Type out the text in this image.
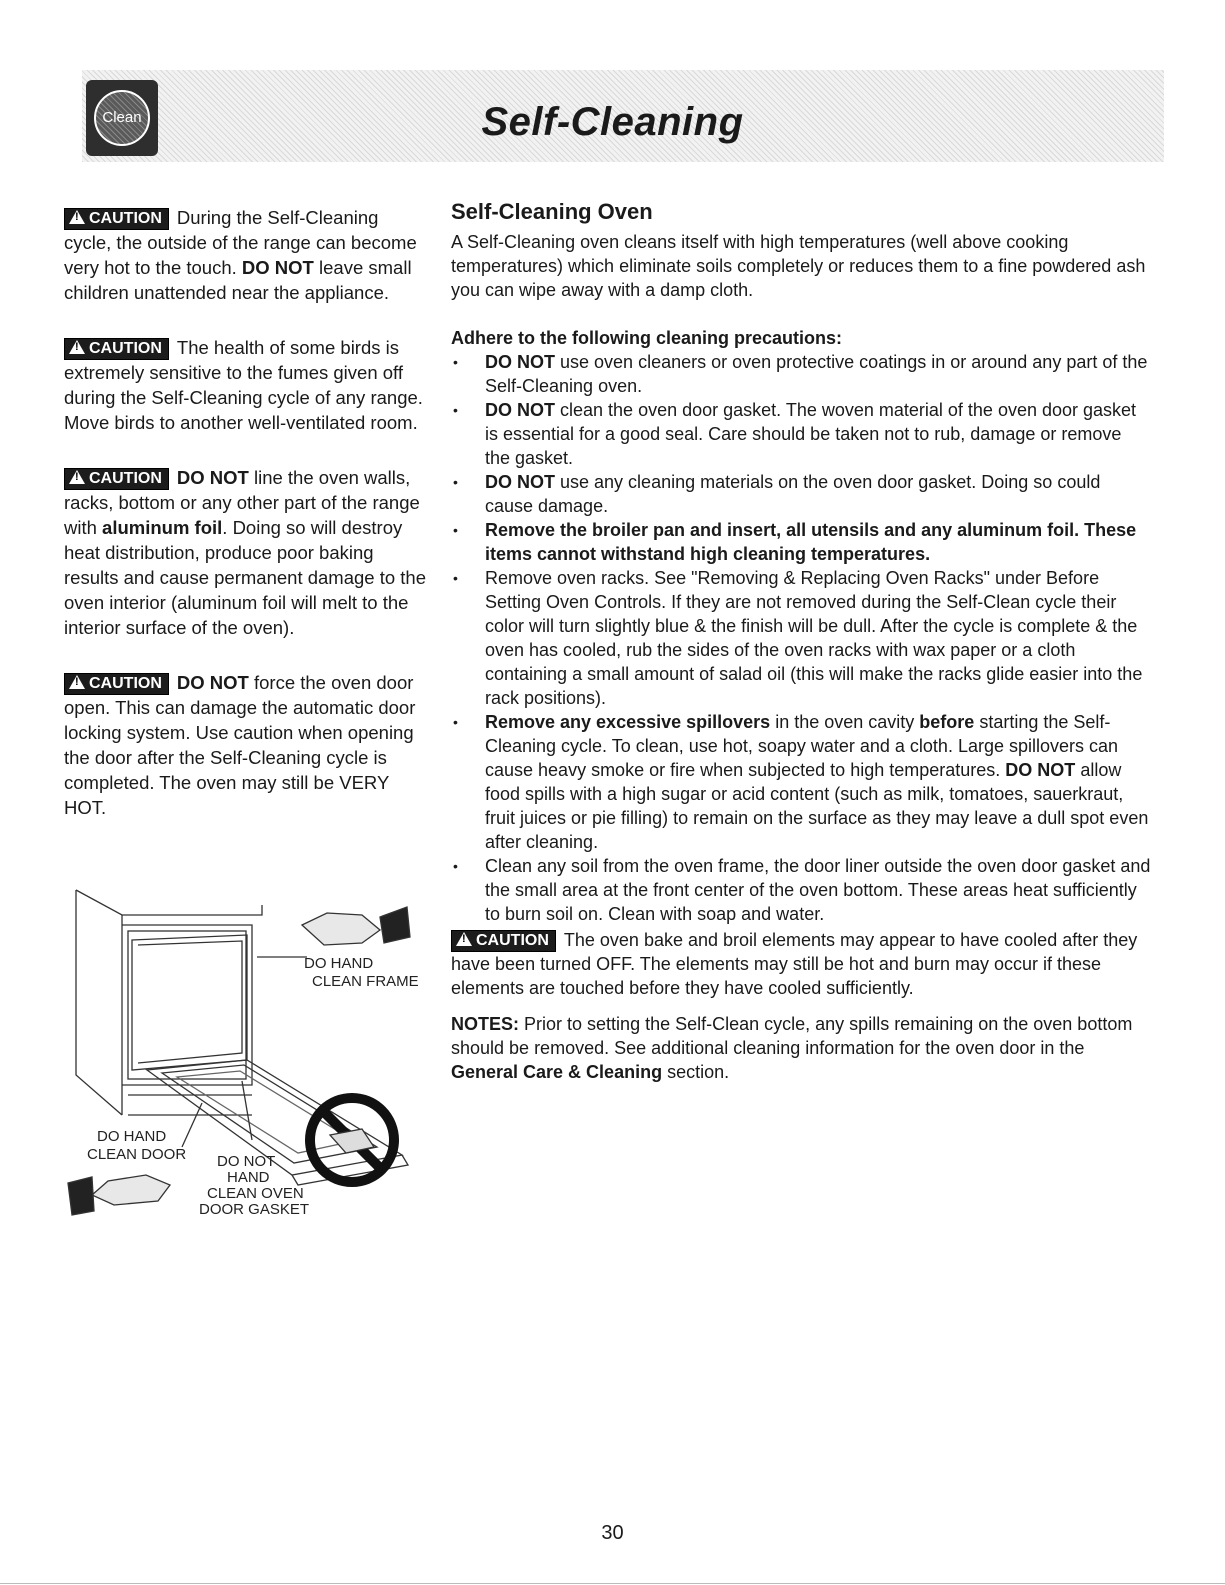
Clean	Self-Cleaning

!CAUTION During the Self-Cleaning cycle, the outside of the range can become very hot to the touch. DO NOT leave small children unattended near the appliance.

!CAUTION The health of some birds is extremely sensitive to the fumes given off during the Self-Cleaning cycle of any range. Move birds to another well-ventilated room.

!CAUTION DO NOT line the oven walls, racks, bottom or any other part of the range with aluminum foil. Doing so will destroy heat distribution, produce poor baking results and cause permanent damage to the oven interior (aluminum foil will melt to the interior surface of the oven).

!CAUTION DO NOT force the oven door open. This can damage the automatic door locking system. Use caution when opening the door after the Self-Cleaning cycle is completed. The oven may still be VERY HOT.

DO HAND
CLEAN FRAME
DO HAND
CLEAN DOOR DO NOT
HAND
CLEAN OVEN
DOOR GASKET
Self-Cleaning Oven

A Self-Cleaning oven cleans itself with high temperatures (well above cooking temperatures) which eliminate soils completely or reduces them to a fine powdered ash you can wipe away with a damp cloth.

Adhere to the following cleaning precautions:

• DO NOT use oven cleaners or oven protective coatings in or around any part of the Self-Cleaning oven.
• DO NOT clean the oven door gasket. The woven material of the oven door gasket is essential for a good seal. Care should be taken not to rub, damage or remove the gasket.
• DO NOT use any cleaning materials on the oven door gasket. Doing so could cause damage.
• Remove the broiler pan and insert, all utensils and any aluminum foil. These items cannot withstand high cleaning temperatures.
• Remove oven racks. See "Removing & Replacing Oven Racks" under Before Setting Oven Controls. If they are not removed during the Self-Clean cycle their color will turn slightly blue & the finish will be dull. After the cycle is complete & the oven has cooled, rub the sides of the oven racks with wax paper or a cloth containing a small amount of salad oil (this will make the racks glide easier into the rack positions).
• Remove any excessive spillovers in the oven cavity before starting the Self-Cleaning cycle. To clean, use hot, soapy water and a cloth. Large spillovers can cause heavy smoke or fire when subjected to high temperatures. DO NOT allow food spills with a high sugar or acid content (such as milk, tomatoes, sauerkraut, fruit juices or pie filling) to remain on the surface as they may leave a dull spot even after cleaning.
• Clean any soil from the oven frame, the door liner outside the oven door gasket and the small area at the front center of the oven bottom. These areas heat sufficiently to burn soil on. Clean with soap and water.

!CAUTION The oven bake and broil elements may appear to have cooled after they have been turned OFF. The elements may still be hot and burn may occur if these elements are touched before they have cooled sufficiently.

NOTES: Prior to setting the Self-Clean cycle, any spills remaining on the oven bottom should be removed. See additional cleaning information for the oven door in the General Care & Cleaning section.

30
